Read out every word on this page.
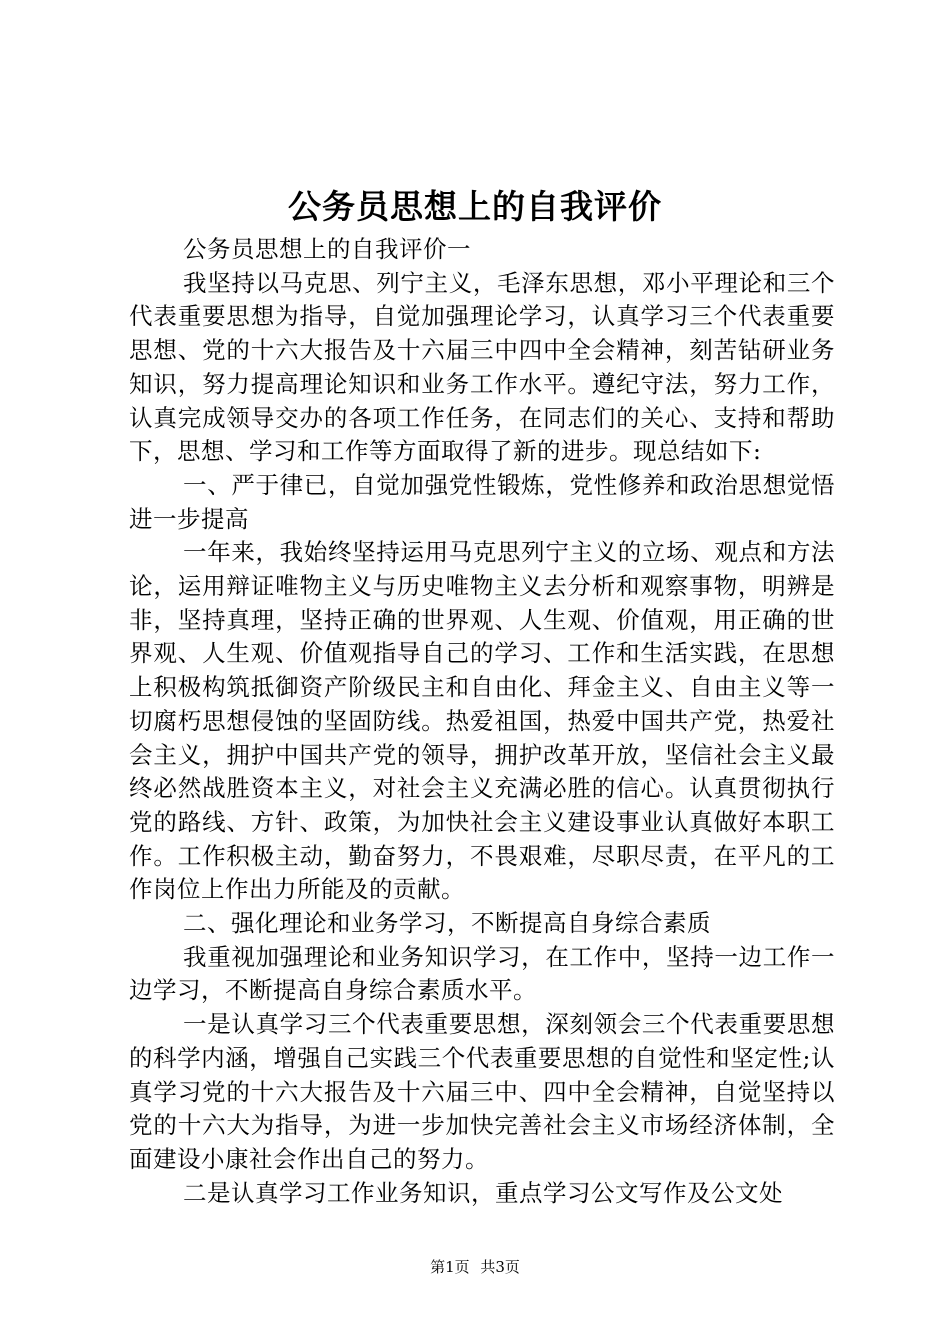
公务员思想上的自我评价

公务员思想上的自我评价一

我坚持以马克思、列宁主义，毛泽东思想，邓小平理论和三个代表重要思想为指导，自觉加强理论学习，认真学习三个代表重要思想、党的十六大报告及十六届三中四中全会精神，刻苦钻研业务知识，努力提高理论知识和业务工作水平。遵纪守法，努力工作，认真完成领导交办的各项工作任务，在同志们的关心、支持和帮助下，思想、学习和工作等方面取得了新的进步。现总结如下:

一、严于律已，自觉加强党性锻炼，党性修养和政治思想觉悟进一步提高

一年来，我始终坚持运用马克思列宁主义的立场、观点和方法论，运用辩证唯物主义与历史唯物主义去分析和观察事物，明辨是非，坚持真理，坚持正确的世界观、人生观、价值观，用正确的世界观、人生观、价值观指导自己的学习、工作和生活实践，在思想上积极构筑抵御资产阶级民主和自由化、拜金主义、自由主义等一切腐朽思想侵蚀的坚固防线。热爱祖国，热爱中国共产党，热爱社会主义，拥护中国共产党的领导，拥护改革开放，坚信社会主义最终必然战胜资本主义，对社会主义充满必胜的信心。认真贯彻执行党的路线、方针、政策，为加快社会主义建设事业认真做好本职工作。工作积极主动，勤奋努力，不畏艰难，尽职尽责，在平凡的工作岗位上作出力所能及的贡献。

二、强化理论和业务学习，不断提高自身综合素质

我重视加强理论和业务知识学习，在工作中，坚持一边工作一边学习，不断提高自身综合素质水平。

一是认真学习三个代表重要思想，深刻领会三个代表重要思想的科学内涵，增强自己实践三个代表重要思想的自觉性和坚定性;认真学习党的十六大报告及十六届三中、四中全会精神，自觉坚持以党的十六大为指导，为进一步加快完善社会主义市场经济体制，全面建设小康社会作出自己的努力。

二是认真学习工作业务知识，重点学习公文写作及公文处

第1页 共3页
